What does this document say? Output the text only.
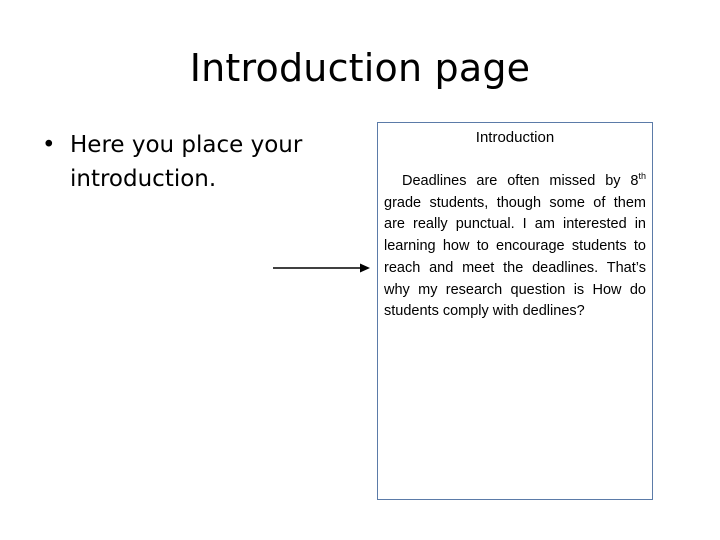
Introduction page
• Here you place your introduction.
Introduction
Deadlines are often missed by 8th grade students, though some of them are really punctual. I am interested in learning how to encourage students to reach and meet the deadlines. That’s why my research question is How do students comply with dedlines?
